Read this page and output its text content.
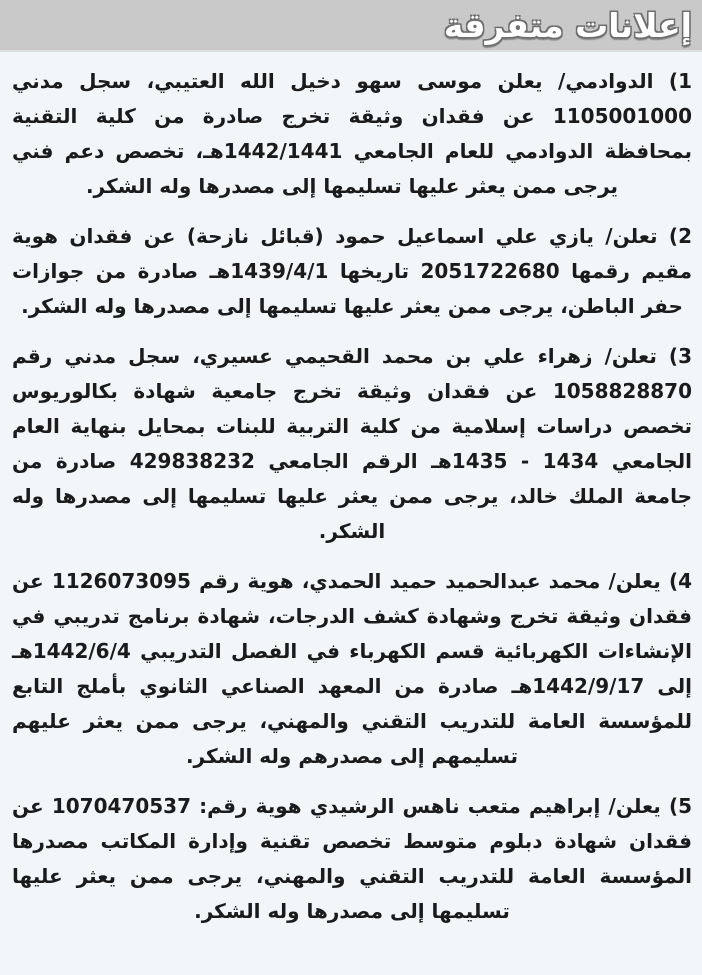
إعلانات متفرقة

1) الدوادمي/ يعلن موسى سهو دخيل الله العتيبي، سجل مدني 1105001000 عن فقدان وثيقة تخرج صادرة من كلية التقنية بمحافظة الدوادمي للعام الجامعي 1442/1441هـ، تخصص دعم فني يرجى ممن يعثر عليها تسليمها إلى مصدرها وله الشكر.

2) تعلن/ يازي علي اسماعيل حمود (قبائل نازحة) عن فقدان هوية مقيم رقمها 2051722680 تاريخها 1439/4/1هـ صادرة من جوازات حفر الباطن، يرجى ممن يعثر عليها تسليمها إلى مصدرها وله الشكر.

3) تعلن/ زهراء علي بن محمد القحيمي عسيري، سجل مدني رقم 1058828870 عن فقدان وثيقة تخرج جامعية شهادة بكالوريوس تخصص دراسات إسلامية من كلية التربية للبنات بمحايل بنهاية العام الجامعي 1434 - 1435هـ الرقم الجامعي 429838232 صادرة من جامعة الملك خالد، يرجى ممن يعثر عليها تسليمها إلى مصدرها وله الشكر.

4) يعلن/ محمد عبدالحميد حميد الحمدي، هوية رقم 1126073095 عن فقدان وثيقة تخرج وشهادة كشف الدرجات، شهادة برنامج تدريبي في الإنشاءات الكهربائية قسم الكهرباء في الفصل التدريبي 1442/6/4هـ إلى 1442/9/17هـ صادرة من المعهد الصناعي الثانوي بأملج التابع للمؤسسة العامة للتدريب التقني والمهني، يرجى ممن يعثر عليهم تسليمهم إلى مصدرهم وله الشكر.

5) يعلن/ إبراهيم متعب ناهس الرشيدي هوية رقم: 1070470537 عن فقدان شهادة دبلوم متوسط تخصص تقنية وإدارة المكاتب مصدرها المؤسسة العامة للتدريب التقني والمهني، يرجى ممن يعثر عليها تسليمها إلى مصدرها وله الشكر.
